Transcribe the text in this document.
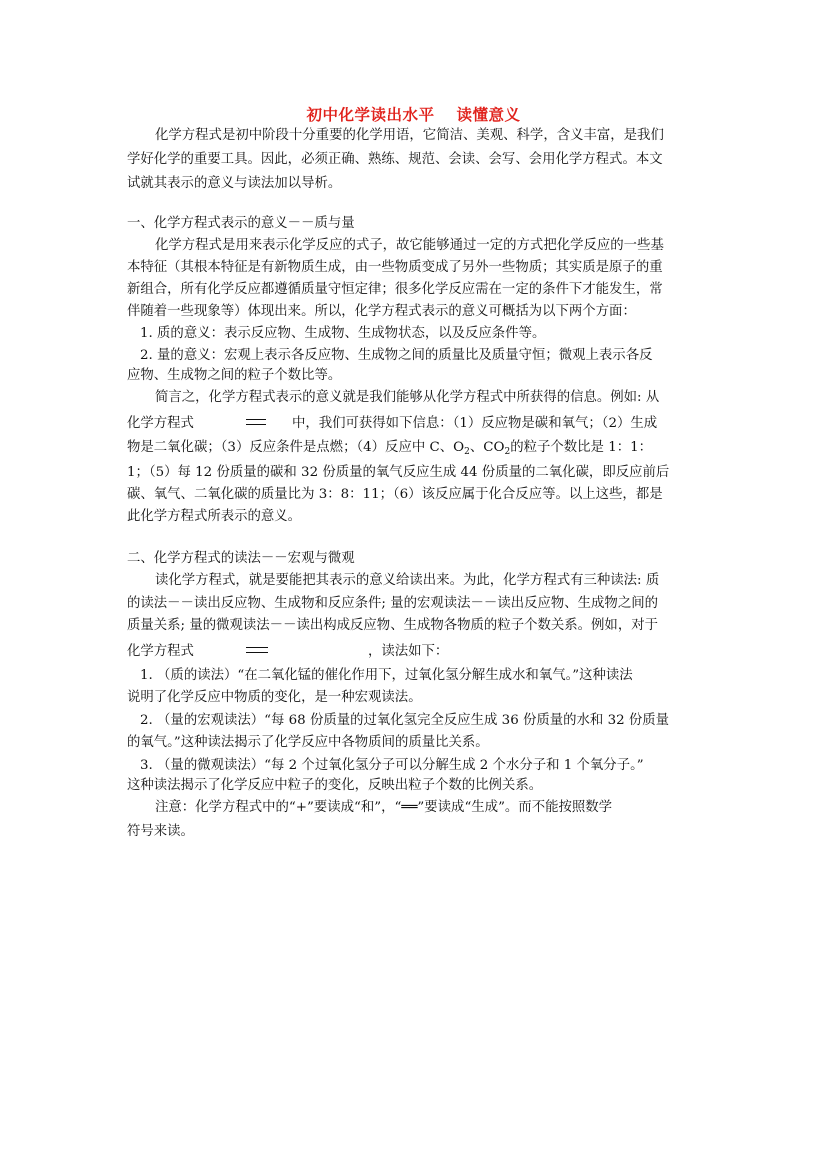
初中化学读出水平 读懂意义
化学方程式是初中阶段十分重要的化学用语，它简洁、美观、科学，含义丰富，是我们
学好化学的重要工具。因此，必须正确、熟练、规范、会读、会写、会用化学方程式。本文
试就其表示的意义与读法加以导析。
一、化学方程式表示的意义－－质与量
化学方程式是用来表示化学反应的式子，故它能够通过一定的方式把化学反应的一些基
本特征（其根本特征是有新物质生成，由一些物质变成了另外一些物质；其实质是原子的重
新组合，所有化学反应都遵循质量守恒定律；很多化学反应需在一定的条件下才能发生，常
伴随着一些现象等）体现出来。所以，化学方程式表示的意义可概括为以下两个方面：
1. 质的意义：表示反应物、生成物、生成物状态，以及反应条件等。
2. 量的意义：宏观上表示各反应物、生成物之间的质量比及质量守恒；微观上表示各反
应物、生成物之间的粒子个数比等。
简言之，化学方程式表示的意义就是我们能够从化学方程式中所获得的信息。例如: 从
化学方程式	中，我们可获得如下信息：（1）反应物是碳和氧气；（2）生成
物是二氧化碳；（3）反应条件是点燃；（4）反应中 C、$O_2$、$CO_2$的粒子个数比是 1：1：
1；（5）每 12 份质量的碳和 32 份质量的氧气反应生成 44 份质量的二氧化碳，即反应前后
碳、氧气、二氧化碳的质量比为 3：8：11；（6）该反应属于化合反应等。以上这些，都是
此化学方程式所表示的意义。
二、化学方程式的读法－－宏观与微观
读化学方程式，就是要能把其表示的意义给读出来。为此，化学方程式有三种读法: 质
的读法－－读出反应物、生成物和反应条件; 量的宏观读法－－读出反应物、生成物之间的
质量关系; 量的微观读法－－读出构成反应物、生成物各物质的粒子个数关系。例如，对于
化学方程式	，读法如下：
1. （质的读法）“在二氧化锰的催化作用下，过氧化氢分解生成水和氧气。”这种读法
说明了化学反应中物质的变化，是一种宏观读法。
2. （量的宏观读法）“每 68 份质量的过氧化氢完全反应生成 36 份质量的水和 32 份质量
的氧气。”这种读法揭示了化学反应中各物质间的质量比关系。
3. （量的微观读法）“每 2 个过氧化氢分子可以分解生成 2 个水分子和 1 个氧分子。”
这种读法揭示了化学反应中粒子的变化，反映出粒子个数的比例关系。
注意：化学方程式中的“+”要读成“和”，“══”要读成“生成”。而不能按照数学
符号来读。
